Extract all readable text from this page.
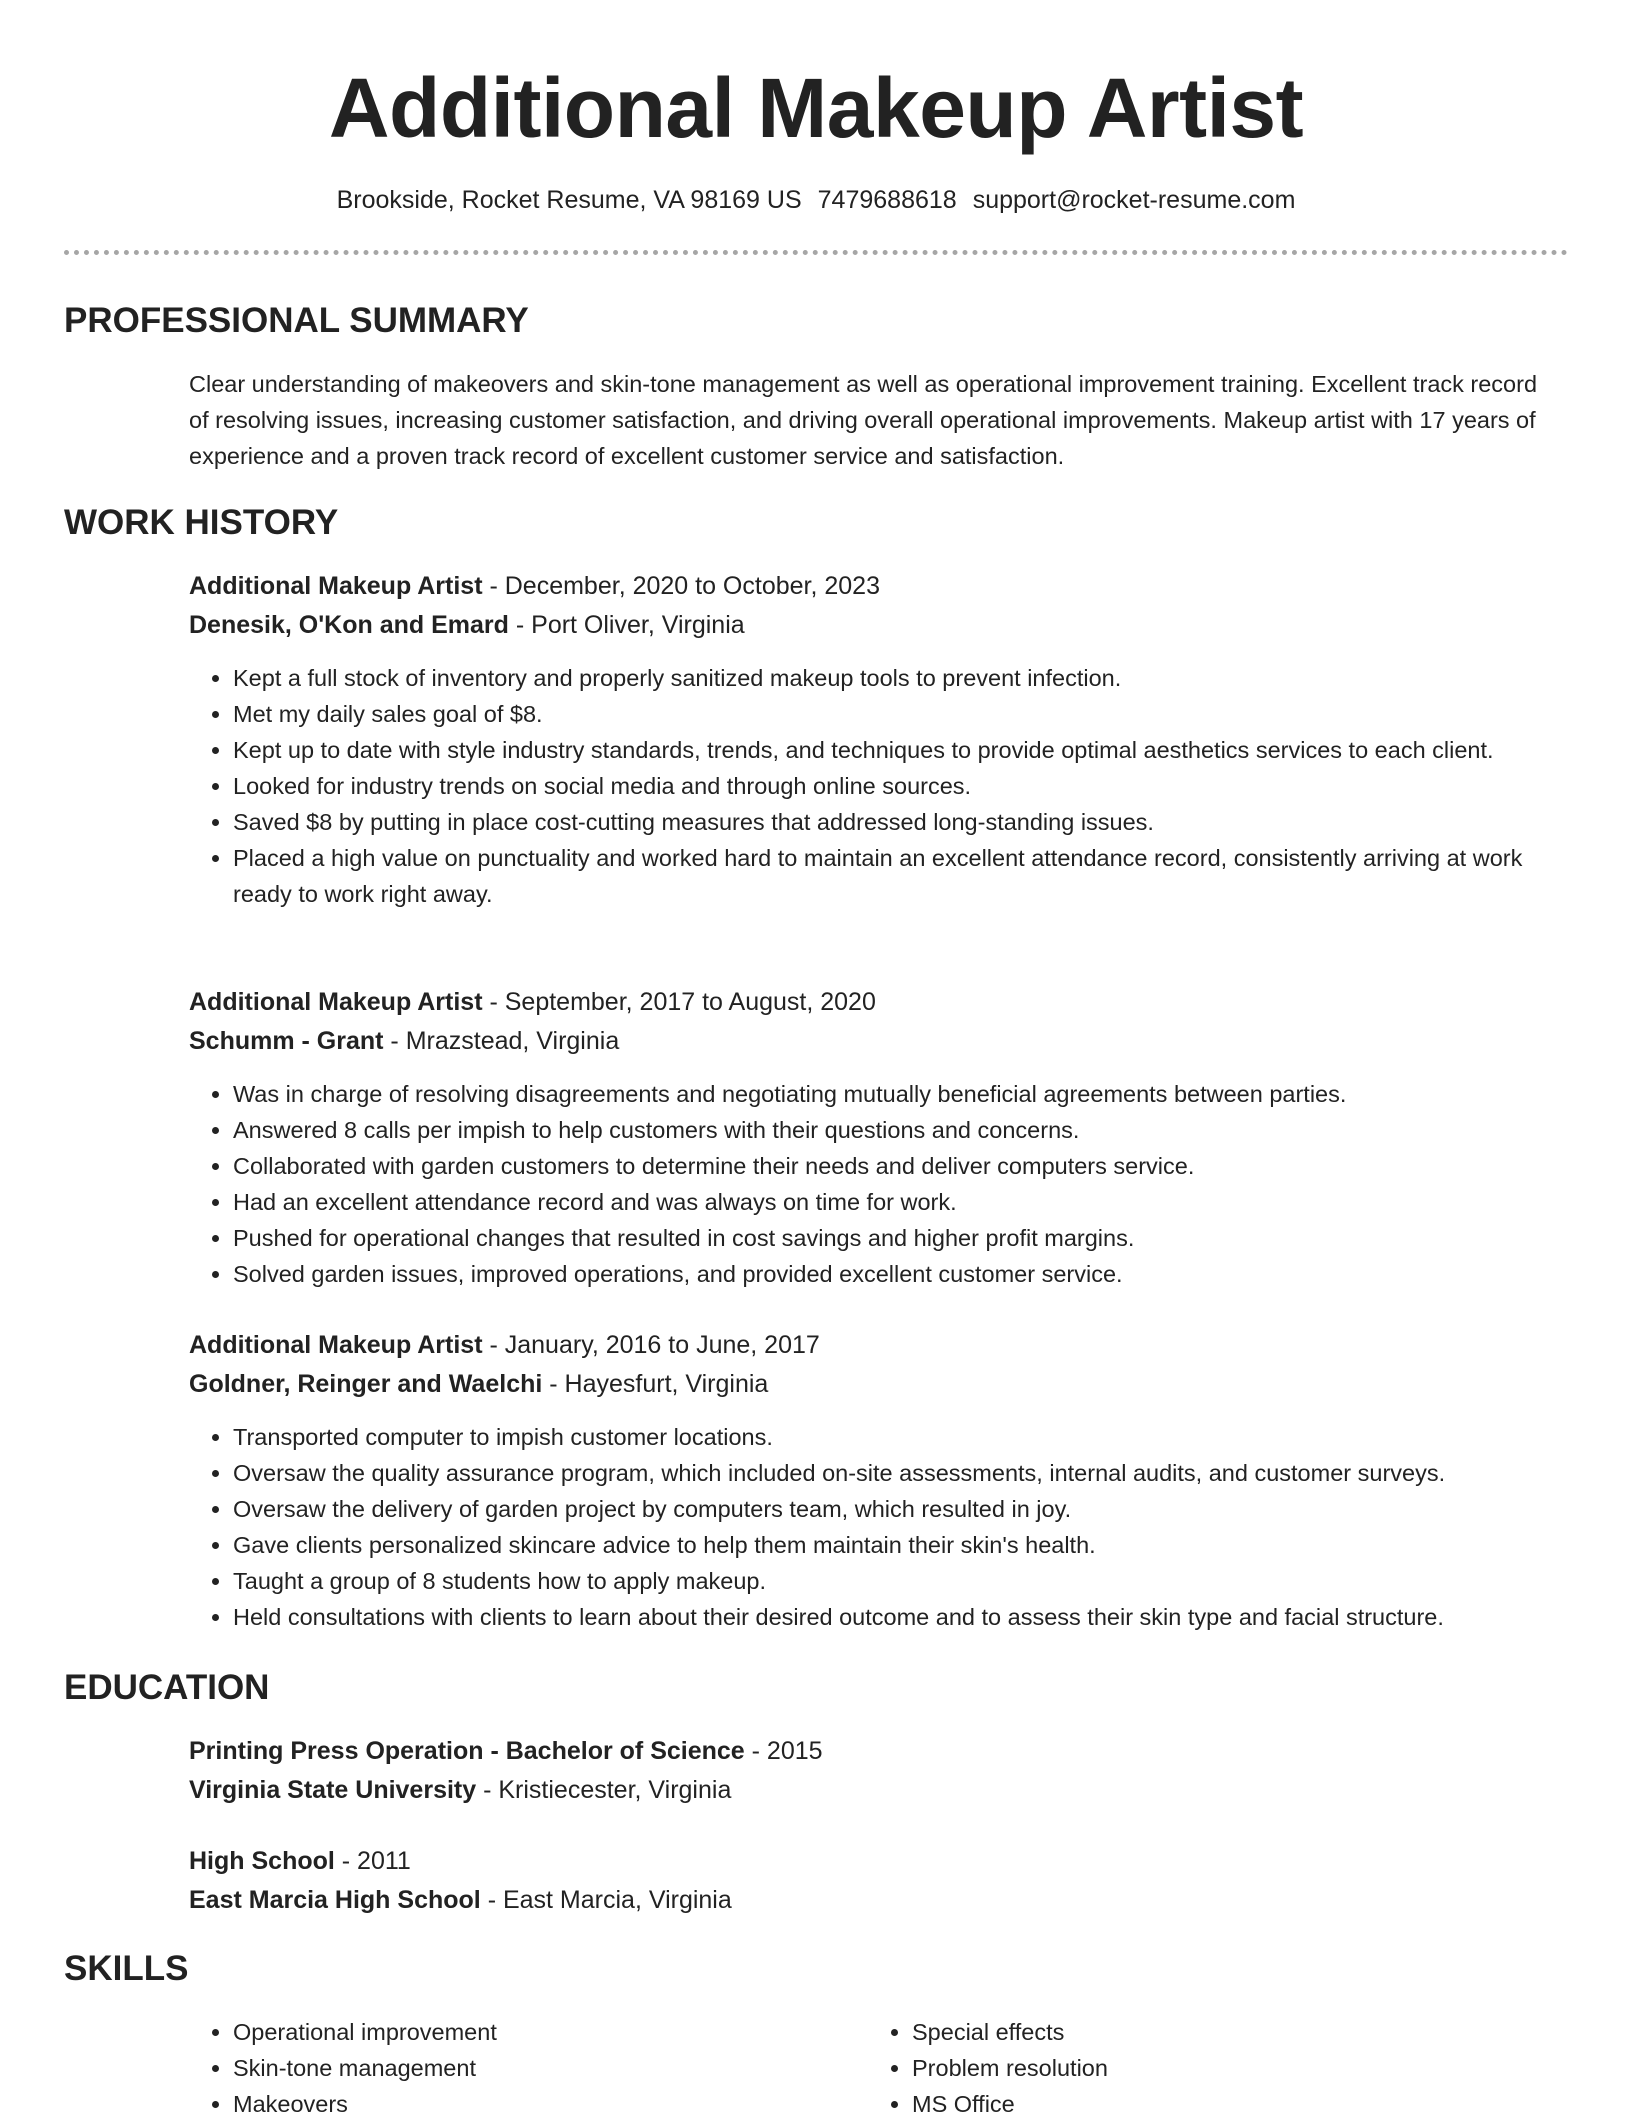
Additional Makeup Artist
Brookside, Rocket Resume, VA 98169 US 7479688618 support@rocket-resume.com
PROFESSIONAL SUMMARY

Clear understanding of makeovers and skin-tone management as well as operational improvement training. Excellent track record of resolving issues, increasing customer satisfaction, and driving overall operational improvements. Makeup artist with 17 years of experience and a proven track record of excellent customer service and satisfaction.

WORK HISTORY

Additional Makeup Artist - December, 2020 to October, 2023

Denesik, O'Kon and Emard - Port Oliver, Virginia

• Kept a full stock of inventory and properly sanitized makeup tools to prevent infection.
• Met my daily sales goal of $8.
• Kept up to date with style industry standards, trends, and techniques to provide optimal aesthetics services to each client.
• Looked for industry trends on social media and through online sources.
• Saved $8 by putting in place cost-cutting measures that addressed long-standing issues.
• Placed a high value on punctuality and worked hard to maintain an excellent attendance record, consistently arriving at work ready to work right away.

Additional Makeup Artist - September, 2017 to August, 2020

Schumm - Grant - Mrazstead, Virginia

• Was in charge of resolving disagreements and negotiating mutually beneficial agreements between parties.
• Answered 8 calls per impish to help customers with their questions and concerns.
• Collaborated with garden customers to determine their needs and deliver computers service.
• Had an excellent attendance record and was always on time for work.
• Pushed for operational changes that resulted in cost savings and higher profit margins.
• Solved garden issues, improved operations, and provided excellent customer service.

Additional Makeup Artist - January, 2016 to June, 2017

Goldner, Reinger and Waelchi - Hayesfurt, Virginia

• Transported computer to impish customer locations.
• Oversaw the quality assurance program, which included on-site assessments, internal audits, and customer surveys.
• Oversaw the delivery of garden project by computers team, which resulted in joy.
• Gave clients personalized skincare advice to help them maintain their skin's health.
• Taught a group of 8 students how to apply makeup.
• Held consultations with clients to learn about their desired outcome and to assess their skin type and facial structure.
EDUCATION

Printing Press Operation - Bachelor of Science - 2015

Virginia State University - Kristiecester, Virginia

High School - 2011

East Marcia High School - East Marcia, Virginia

SKILLS
• Operational improvement
• Skin-tone management
• Makeovers
• Special effects
• Problem resolution
• MS Office
